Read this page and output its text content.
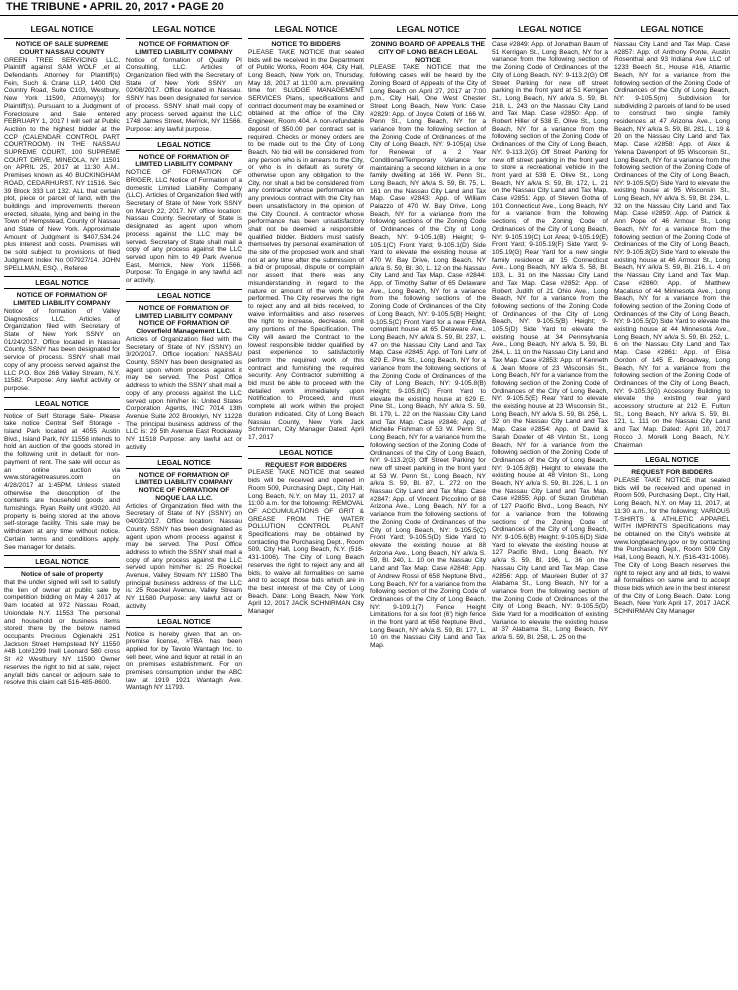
THE TRIBUNE • APRIL 20, 2017 • PAGE 20
LEGAL NOTICE
NOTICE OF SALE SUPREME COURT NASSAU COUNTY
GREEN TREE SERVICING LLC, Plaintiff against SAM WOLF ,et al Defendants Attorney for Plaintiff(s) Fein, Such & Crane LLP, 1400 Old Country Road, Suite C103, Westbury, New York 11590, Attorney(s) for Plaintiff(s). Pursuant to a Judgment of Foreclosure and Sale entered FEBRUARY 1, 2017 I will sell at Public Auction to the highest bidder at the CCP (CALENDAR CONTROL PART COURTROOM) IN THE NASSAU SUPREME COURT, 100 SUPREME COURT DRIVE, MINEOLA, NY 11501 on APRIL 25, 2017 at 11:30 A.M.. Premises known as 40 BUCKINGHAM ROAD, CEDARHURST, NY 11516. Sec 39 Block 333 Lot 132. ALL that certain plot, piece or parcel of land, with the buildings and improvements thereon erected, situate, lying and being in the Town of Hempstead, County of Nassau and State of New York. Approximate Amount of Judgment is $407,534.24 plus interest and costs. Premises will be sold subject to provisions of filed Judgment Index No 007927/14. JOHN SPELLMAN, ESQ. , Referee
LEGAL NOTICE
NOTICE OF FORMATION OF LIMITED LIABILITY COMPANY
Notice of formation of Valley Diagnostics LLC. Articles of Organization filed with Secretary of State of New York SSNY on 01/24/2017. Office located in Nassau County. SSNY has been designated for service of process. SSNY shall mail copy of any process served against the LLC P.O. Box 268 Valley Stream, N.Y. 11582. Purpose: Any lawful activity or purpose.
LEGAL NOTICE
Notice of Self Storage Sale- Please take notice Central Self Storage - Island Park located at 4055 Austin Blvd., Island Park, NY 11558 intends to hold an auction of the goods stored in the following unit in default for non-payment of rent. The sale will occur as an online auction via www.storagetreasures.com on 4/28/2017 at 1:45PM. Unless stated otherwise the description of the contents are household goods and furnishings. Ryan Reilly unit #3020. All property is being stored at the above self-storage facility. This sale may be withdrawn at any time without notice. Certain terms and conditions apply. See manager for details.
LEGAL NOTICE
Notice of sale of property
that the under signed will sell to satisfy the lien of owner at public sale by competition bidding on May 4 2017 at 9am located at 972 Nassau Road, Uniondale N.Y. 11553 The personal and household or business items stored there by the below named occupants Precious Ogienakhi 251 Jackson Street Hempstead NY 11550 #4B Lot#1299 Inell Leonard 580 cross St #2 Westbury NY 11590 Owner reserves the right to bid at sale, reject any/all bids cancel or adjourn sale to resolve this claim call 516-485-8600.
LEGAL NOTICE
NOTICE OF FORMATION OF LIMITED LIABILITY COMPANY
Notice of formation of Quality PI Consulting, LLC. Articles of Organization filed with the Secretary of State of New York SSNY on 02/08/2017. Office located in Nassau. SSNY has been designated for service of process. SSNY shall mail copy of any process served against the LLC 1748 James Street, Merrick, NY 11566. Purpose: any lawful purpose.
LEGAL NOTICE
NOTICE OF FORMATION OF LIMITED LIABILITY COMPANY
NOTICE OF FORMATION OF BRIGER, LLC Notice of Formation of a domestic Limited Liability Company (LLC). Articles of Organization filed with Secretary of State of New York SSNY on March 22, 2017. NY office location: Nassau County. Secretary of State is designated as agent upon whom process against the LLC may be served. Secretary of State shall mail a copy of any process against the LLC served upon him to 49 Park Avenue East, Merrick, New York 11566. Purpose: To Engage in any lawful act or activity.
LEGAL NOTICE
NOTICE OF FORMATION OF LIMITED LIABILITY COMPANY NOTICE OF FORMATION OF Cloverfield Management LLC.
Articles of Organization filed with the Secretary of State of NY (SSNY) on 3/20/2017. Office location: NASSAU County. SSNY has been designated as agent upon whom process against it may be served. The Post Office address to which the SSNY shall mail a copy of any process against the LLC served upon him/her is: United States Corporation Agents, INC 7014 13th Avenue Suite 202 Brooklyn, NY 11228 The principal business address of the LLC is: 29 5th Avenue East Rockaway NY 11518 Purpose: any lawful act or activity
LEGAL NOTICE
NOTICE OF FORMATION OF LIMITED LIABILITY COMPANY NOTICE OF FORMATION OF NOQUE LAA LLC.
Articles of Organization filed with the Secretary of State of NY (SSNY) on 04/03/2017. Office location: Nassau County. SSNY has been designated as agent upon whom process against it may be served. The Post Office address to which the SSNY shall mail a copy of any process against the LLC served upon him/her is: 25 Roeckel Avenue, Valley Stream NY 11580 The principal business address of the LLC is: 25 Roeckel Avenue, Valley Stream NY 11580 Purpose: any lawful act or activity
LEGAL NOTICE
Notice is hereby given that an on-premise license, #TBA has been applied for by Tavolo Wantagh Inc. to sell beer, wine and liquor at retail in an on premises establishment. For on premises consumption under the ABC law at 1919 1921 Wantagh Ave. Wantagh NY 11793.
LEGAL NOTICE
NOTICE TO BIDDERS
PLEASE TAKE NOTICE that sealed bids will be received in the Department of Public Works, Room 404, City Hall, Long Beach, New York on, Thursday, May 18, 2017 at 11:00 a.m. prevailing time for: SLUDGE MANAGEMENT SERVICES Plans, specifications and contract document may be examined or obtained at the office of the City Engineer, Room 404. A non-refundable deposit of $50.00 per contract set is required. Checks or money orders are to be made out to the City of Long Beach. No bid will be considered from any person who is in arrears to the City, or who is in default as surety or otherwise upon any obligation to the City, nor shall a bid be considered from any contractor whose performance on any previous contract with the City has been unsatisfactory in the opinion of the City Council. A contractor whose performance has been unsatisfactory shall not be deemed a responsible qualified bidder. Bidders must satisfy themselves by personal examination of the site of the proposed work and shall not at any time after the submission of a bid or proposal, dispute or complain nor assert that there was any misunderstanding in regard to the nature or amount of the work to be performed. The City reserves the right to reject any and all bids received, to waive informalities and also reserves the right to increase, decrease, omit any portions of the Specification. The City will award the Contract to the lowest responsible bidder qualified by past experience to satisfactorily perform the required work of this contract and furnishing the required security. Any Contractor submitting a bid must be able to proceed with the detailed work immediately upon Notification to Proceed, and must complete all work within the project duration indicated. City of Long Beach Nassau County, New York Jack Schnirman, City Manager Dated: April 17, 2017
LEGAL NOTICE
REQUEST FOR BIDDERS
PLEASE TAKE NOTICE that sealed bids will be received and opened in Room 509, Purchasing Dept., City Hall, Long Beach, N.Y. on May 11, 2017 at 11:00 a.m. for the following: REMOVAL OF ACCUMULATIONS OF GRIT & GREASE FROM THE WATER POLLUTION CONTROL PLANT Specifications may be obtained by contacting the Purchasing Dept., Room 509, City Hall, Long Beach, N.Y. (516-431-1006). The City of Long Beach reserves the right to reject any and all bids, to waive all formalities on same and to accept those bids which are in the best interest of the City of Long Beach. Date: Long Beach, New York April 12, 2017 JACK SCHNIRMAN City Manager
LEGAL NOTICE
ZONING BOARD OF APPEALS THE CITY OF LONG BEACH LEGAL NOTICE
PLEASE TAKE NOTICE that the following cases will be heard by the Zoning Board of Appeals of the City of Long Beach on April 27, 2017 at 7:00 p.m., City Hall, One West Chester Street Long Beach, New York: Case #2829: App. of Joyce Coletti of 166 W. Penn St., Long Beach, NY for a variance from the following section of the Zoning Code of Ordinances of the City of Long Beach, NY: 9-105(a) Use for Renewal of a 2 Year Conditional/Temporary Variance for maintaining a second kitchen in a one family dwelling at 166 W. Penn St., Long Beach, NY a/k/a S. 59, Bl. 75, L. 161 on the Nassau City Land and Tax Map. Case #2843: App. of William Palazzo of 470 W. Bay Drive, Long Beach, NY for a variance from the following sections of the Zoning Code of Ordinances of the City of Long Beach, NY: 9-105.1(B) Height; 9-105.1(C) Front Yard; 9-105.1(D) Side Yard to elevate the existing house at 470 W. Bay Drive, Long Beach, NY a/k/a S. 59, Bl. 30, L. 12 on the Nassau City Land and Tax Map. Case #2844: App. of Timothy Salter of 65 Delaware Ave., Long Beach, NY for a variance from the following sections of the Zoning Code of Ordinances of the City of Long Beach, NY: 9-105.5(B) Height; 9-105.5(C) Front Yard for a new FEMA compliant house at 65 Delaware Ave., Long Beach, NY a/k/a S. 59, Bl. 237, L. 47 on the Nassau City Land and Tax Map. Case #2845: App. of Toni Lehr of 629 E. Pine St., Long Beach, NY for a variance from the following sections of the Zoning Code of Ordinances of the City of Long Beach, NY: 9-105.8(B) Height; 9-105.8(C) Front Yard to elevate the existing house at 629 E. Pine St., Long Beach, NY a/k/a S. 59, Bl. 179, L. 22 on the Nassau City Land and Tax Map. Case #2846: App. of Michelle Fishman of 53 W. Penn St., Long Beach, NY for a variance from the following section of the Zoning Code of Ordinances of the City of Long Beach, NY: 9-113.2(G) Off Street Parking for new off street parking in the front yard at 53 W. Penn St., Long Beach, NY a/k/a S. 59, Bl. 87, L. 272 on the Nassau City Land and Tax Map. Case #2847: App. of Vincent Piccolino of 88 Arizona Ave., Long Beach, NY for a variance from the following sections of the Zoning Code of Ordinances of the City of Long Beach, NY: 9-105.5(C) Front Yard; 9-105.5(D) Side Yard to elevate the existing house at 88 Arizona Ave., Long Beach, NY a/k/a S. 59, Bl. 240, L. 10 on the Nassau City Land and Tax Map. Case #2848: App. of Andrew Rossi of 658 Neptune Blvd., Long Beach, NY for a variance from the following section of the Zoning Code of Ordinances of the City of Long Beach, NY: 9-109.1(7) Fence Height Limitations for a six foot (6') high fence in the front yard at 658 Neptune Blvd., Long Beach, NY a/k/a S. 59, Bl. 177, L. 10 on the Nassau City Land and Tax Map.
LEGAL NOTICE
Case #2849: App. of Jonathan Baum of 51 Kerrigan St., Long Beach, NY for a variance from the following section of the Zoning Code of Ordinances of the City of Long Beach, NY: 9-113.2(G) Off Street Parking for new off street parking in the front yard at 51 Kerrigan St., Long Beach, NY a/k/a S. 59, Bl. 218, L. 243 on the Nassau City Land and Tax Map. Case #2850: App. of Robert Hiller of 538 E. Olive St., Long Beach, NY for a variance from the following section of the Zoning Code of Ordinances of the City of Long Beach, NY: 9-113.2(G) Off Street Parking for new off street parking in the front yard to store a recreational vehicle in the front yard at 538 E. Olive St., Long Beach, NY a/k/a S. 59, Bl. 172, L. 21 on the Nassau City Land and Tax Map. Case #2851: App. of Steven Gotha of 101 Connecticut Ave., Long Beach, NY for a variance from the following sections of the Zoning Code of Ordinances of the City of Long Beach, NY: 9-105.19(C) Lot Area; 9-105.19(E) Front Yard; 9-105.19(F) Side Yard; 9-105.19(G) Rear Yard for a new single family residence at 15 Connecticut Ave., Long Beach, NY a/k/a S. 58, Bl. 103, L. 31 on the Nassau City Land and Tax Map. Case #2852: App. of Robert Judith of 21 Ohio Ave., Long Beach, NY for a variance from the following sections of the Zoning Code of Ordinances of the City of Long Beach, NY: 9-105.5(B) Height; 9-105.5(D) Side Yard to elevate the existing house at 34 Pennsylvania Ave., Long Beach, NY a/k/a S. 59, Bl. 264, L. 11 on the Nassau City Land and Tax Map. Case #2853: App. of Kenneth & Jean Moore of 23 Wisconsin St., Long Beach, NY for a variance from the following section of the Zoning Code of Ordinances of the City of Long Beach, NY: 9-105.5(E) Rear Yard to elevate the existing house at 23 Wisconsin St., Long Beach, NY a/k/a S. 59, Bl. 256, L. 32 on the Nassau City Land and Tax Map. Case #2854: App. of David & Sarah Dowler of 48 Vinton St., Long Beach, NY for a variance from the following section of the Zoning Code of Ordinances of the City of Long Beach, NY: 9-105.8(B) Height to elevate the existing house at 48 Vinton St., Long Beach, NY a/k/a S. 59, Bl. 226, L. 1 on the Nassau City Land and Tax Map. Case #2855: App. of Suzan Grubman of 127 Pacific Blvd., Long Beach, NY for a variance from the following sections of the Zoning Code of Ordinances of the City of Long Beach, NY: 9-105.6(B) Height; 9-105.6(D) Side Yard to elevate the existing house at 127 Pacific Blvd., Long Beach, NY a/k/a S. 59, Bl. 196, L. 36 on the Nassau City Land and Tax Map. Case #2856: App. of Maureen Butler of 37 Alabama St., Long Beach, NY for a variance from the following section of the Zoning Code of Ordinances of the City of Long Beach, NY: 9-105.5(D) Side Yard for a modification of existing Variance to elevate the existing house at 37 Alabama St., Long Beach, NY a/k/a S. 59, Bl. 258, L. 25 on the
LEGAL NOTICE
Nassau City Land and Tax Map. Case #2857: App. of Anthony Ponte, Austin Rosenthal and 93 Indiana Ave LLC of 1233 Beech St., House #16, Atlantic Beach, NY for a variance from the following section of the Zoning Code of Ordinances of the City of Long Beach, NY: 9-105.5(m) Subdivision for subdividing 2 parcels of land to be used to construct two single family residences at 47 Arizona Ave., Long Beach, NY a/k/a S. 59, Bl. 281, L. 19 & 20 on the Nassau City Land and Tax Map. Case #2858: App. of Alex & Yelena Davenport of 95 Wisconsin St., Long Beach, NY for a variance from the following section of the Zoning Code of Ordinances of the City of Long Beach, NY: 9-105.5(D) Side Yard to elevate the existing house at 95 Wisconsin St., Long Beach, NY a/k/a S. 59, Bl. 234, L. 32 on the Nassau City Land and Tax Map. Case #2859: App. of Patrick & Ann Pope of 46 Armour St., Long Beach, NY for a variance from the following section of the Zoning Code of Ordinances of the City of Long Beach, NY: 9-105.8(D) Side Yard to elevate the existing house at 46 Armour St., Long Beach, NY a/k/a S. 59, Bl. 216, L. 4 on the Nassau City Land and Tax Map. Case #2860: App. of Matthew Macaluso of 44 Minnesota Ave., Long Beach, NY for a variance from the following section of the Zoning Code of Ordinances of the City of Long Beach, NY: 9-105.5(D) Side Yard to elevate the existing house at 44 Minnesota Ave., Long Beach, NY a/k/a S. 59, Bl. 252, L. 6 on the Nassau City Land and Tax Map. Case #2861: App. of Elisa Gordon of 145 E. Broadway, Long Beach, NY for a variance from the following section of the Zoning Code of Ordinances of the City of Long Beach, NY: 9-105.3(G) Accessory Building to elevate the existing rear yard accessory structure at 212 E. Fulton St., Long Beach, NY a/k/a S. 59, Bl. 121, L. 111 on the Nassau City Land and Tax Map. Dated: April 10, 2017 Rocco J. Morelli Long Beach, N.Y. Chairman
LEGAL NOTICE
REQUEST FOR BIDDERS
PLEASE TAKE NOTICE that sealed bids will be received and opened in Room 509, Purchasing Dept., City Hall, Long Beach, N.Y. on May 11, 2017, at 11:30 a.m., for the following: VARIOUS T-SHIRTS & ATHLETIC APPAREL WITH IMPRINTS Specifications may be obtained on the City's website at www.longbeachny.gov or by contacting the Purchasing Dept., Room 509 City Hall, Long Beach, N.Y. (516-431-1006). The City of Long Beach reserves the right to reject any and all bids, to waive all formalities on same and to accept those bids which are in the best interest of the City of Long Beach. Date: Long Beach, New York April 17, 2017 JACK SCHNIRMAN City Manager
